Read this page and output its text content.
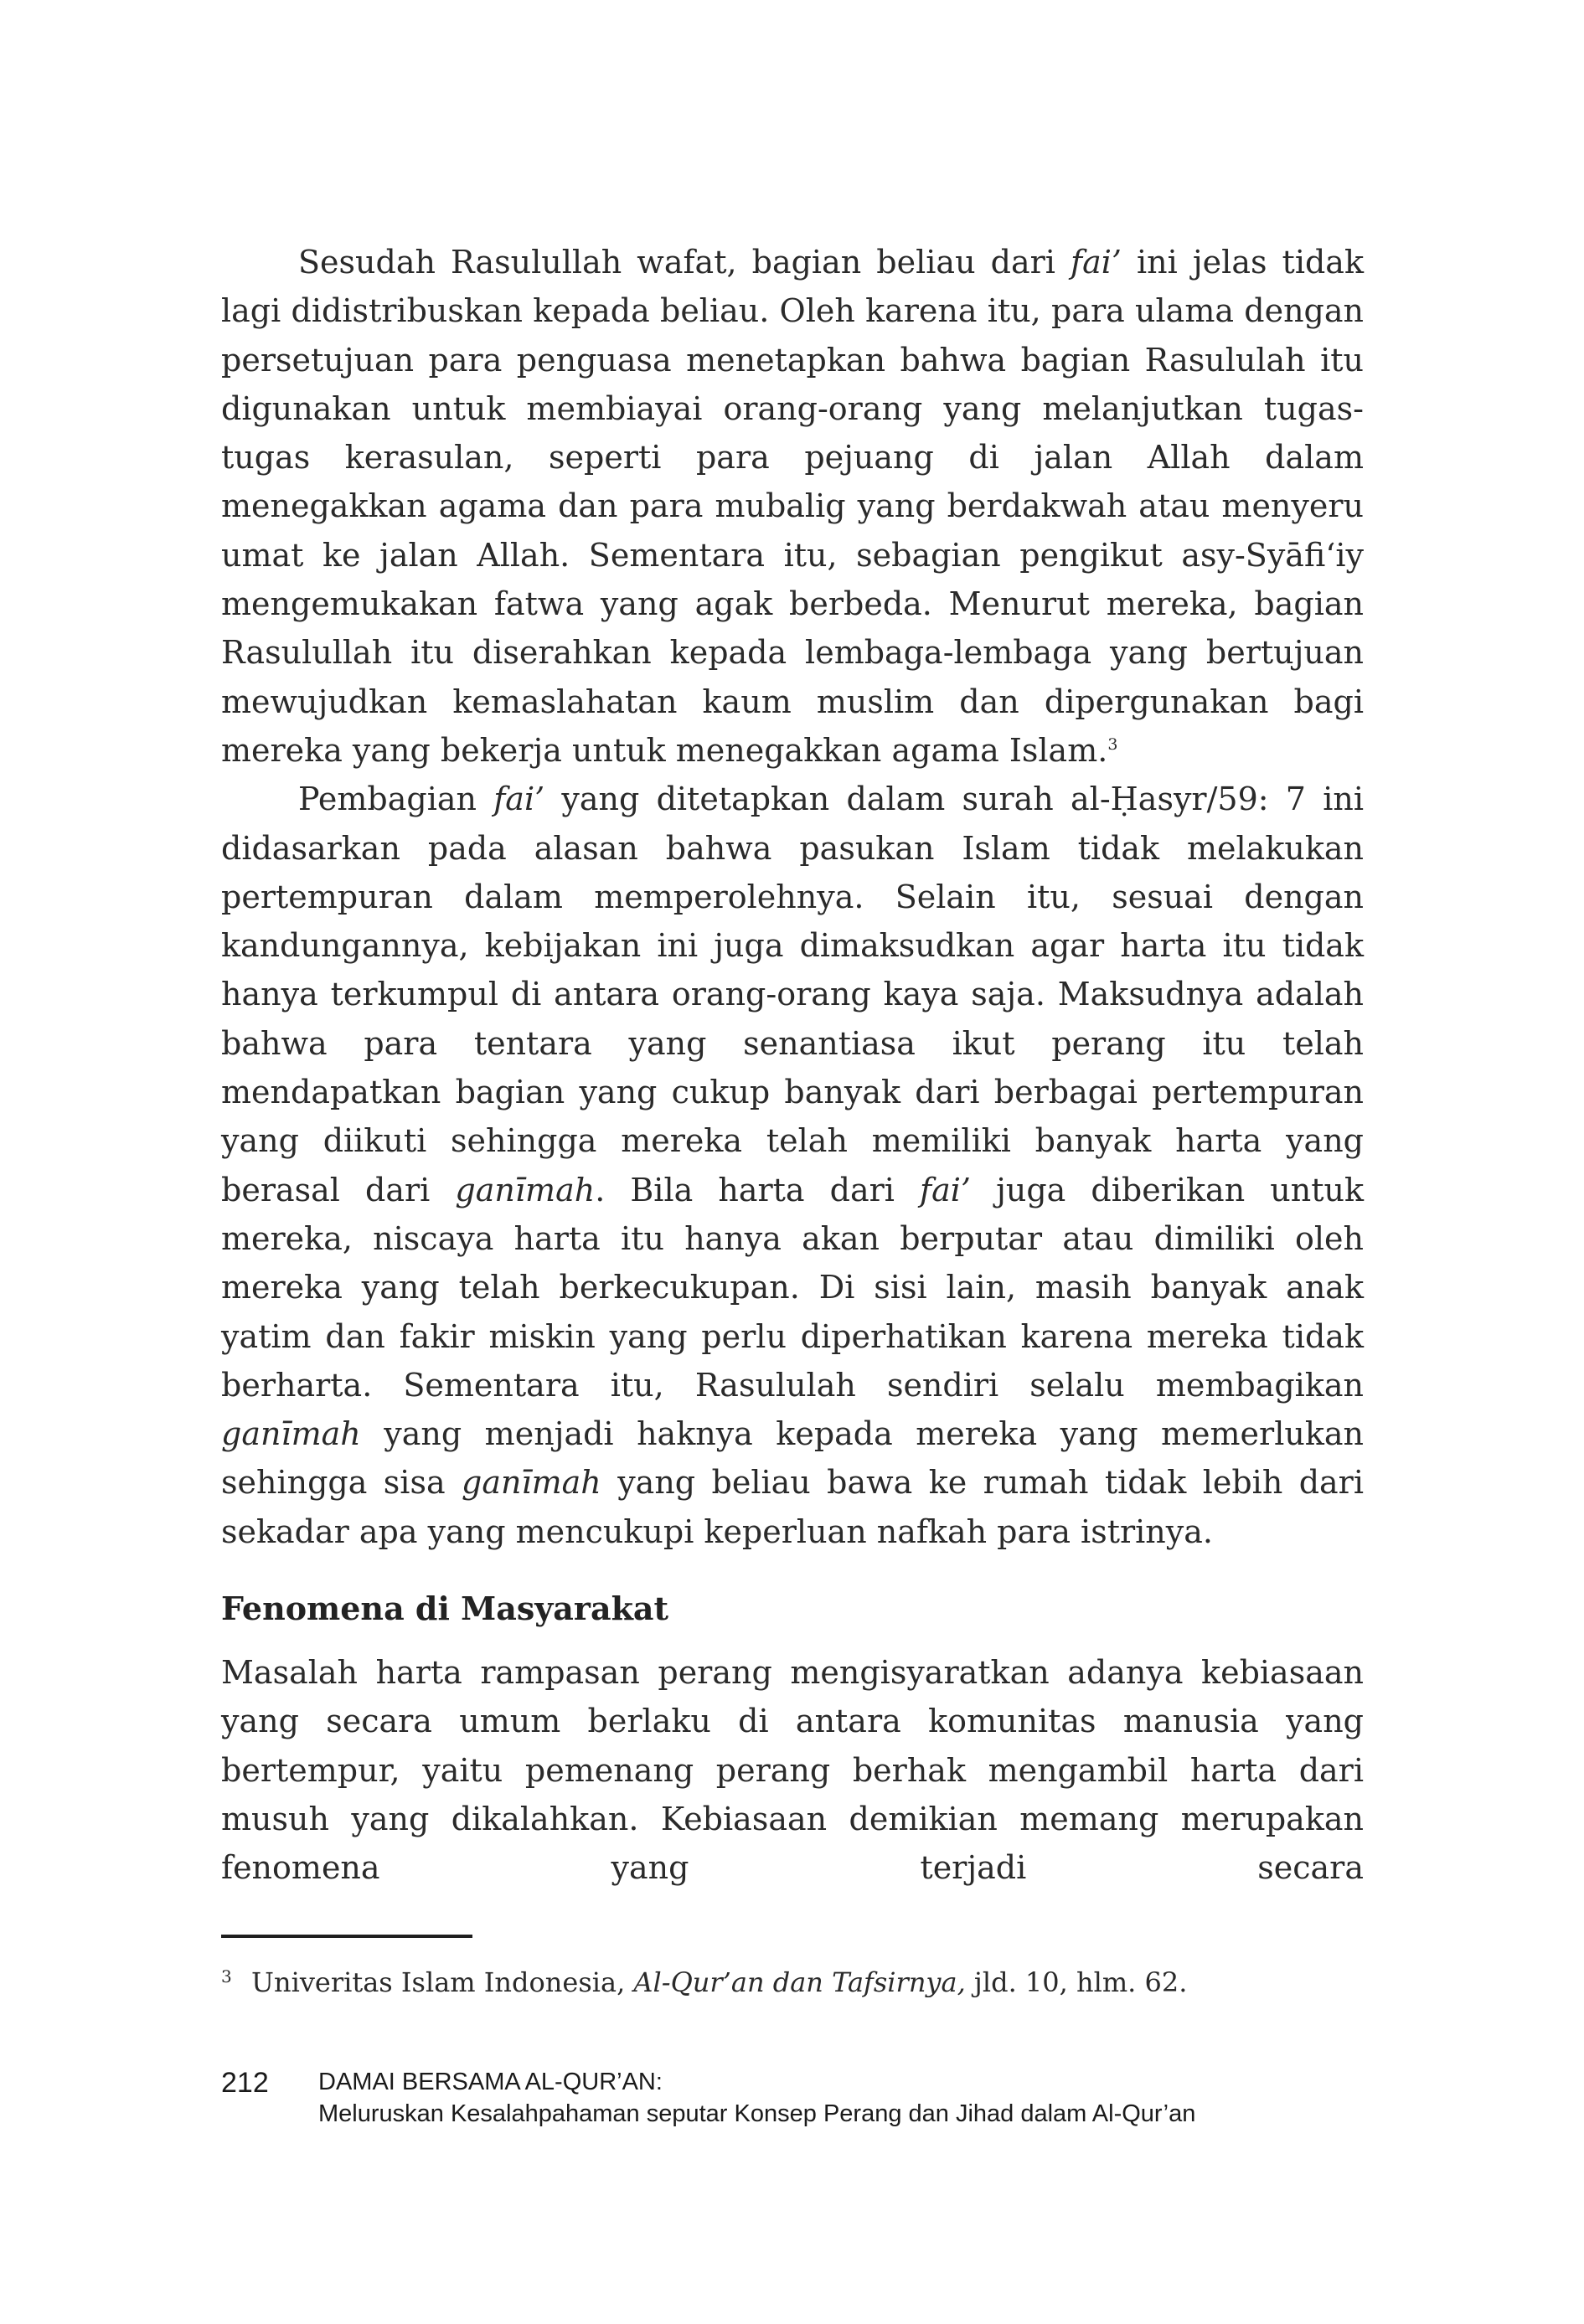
Sesudah Rasulullah wafat, bagian beliau dari fai’ ini jelas tidak lagi didistribuskan kepada beliau. Oleh karena itu, para ulama dengan persetujuan para penguasa menetapkan bahwa bagian Rasululah itu digunakan untuk membiayai orang-orang yang melanjutkan tugas-tugas kerasulan, seperti para pejuang di jalan Allah dalam menegakkan agama dan para mubalig yang berdakwah atau menyeru umat ke jalan Allah. Sementara itu, sebagian pengikut asy-Syāfi‘iy mengemukakan fatwa yang agak berbeda. Menurut mereka, bagian Rasulullah itu diserahkan kepada lembaga-lembaga yang bertujuan mewujudkan kemaslahatan kaum muslim dan dipergunakan bagi mereka yang bekerja untuk menegakkan agama Islam.$^3$

Pembagian fai’ yang ditetapkan dalam surah al-Ḥasyr/59: 7 ini didasarkan pada alasan bahwa pasukan Islam tidak melakukan pertempuran dalam memperolehnya. Selain itu, sesuai dengan kandungannya, kebijakan ini juga dimaksudkan agar harta itu tidak hanya terkumpul di antara orang-orang kaya saja. Maksudnya adalah bahwa para tentara yang senantiasa ikut perang itu telah mendapatkan bagian yang cukup banyak dari berbagai pertempuran yang diikuti sehingga mereka telah memiliki banyak harta yang berasal dari ganīmah. Bila harta dari fai’ juga diberikan untuk mereka, niscaya harta itu hanya akan berputar atau dimiliki oleh mereka yang telah berkecukupan. Di sisi lain, masih banyak anak yatim dan fakir miskin yang perlu diperhatikan karena mereka tidak berharta. Sementara itu, Rasululah sendiri selalu membagikan ganīmah yang menjadi haknya kepada mereka yang memerlukan sehingga sisa ganīmah yang beliau bawa ke rumah tidak lebih dari sekadar apa yang mencukupi keperluan nafkah para istrinya.

Fenomena di Masyarakat

Masalah harta rampasan perang mengisyaratkan adanya kebiasaan yang secara umum berlaku di antara komunitas manusia yang bertempur, yaitu pemenang perang berhak mengambil harta dari musuh yang dikalahkan. Kebiasaan demikian memang merupakan fenomena yang terjadi secara

3 Univeritas Islam Indonesia, Al-Qur’an dan Tafsirnya, jld. 10, hlm. 62.
212 DAMAI BERSAMA AL-QUR’AN:
Meluruskan Kesalahpahaman seputar Konsep Perang dan Jihad dalam Al-Qur’an
